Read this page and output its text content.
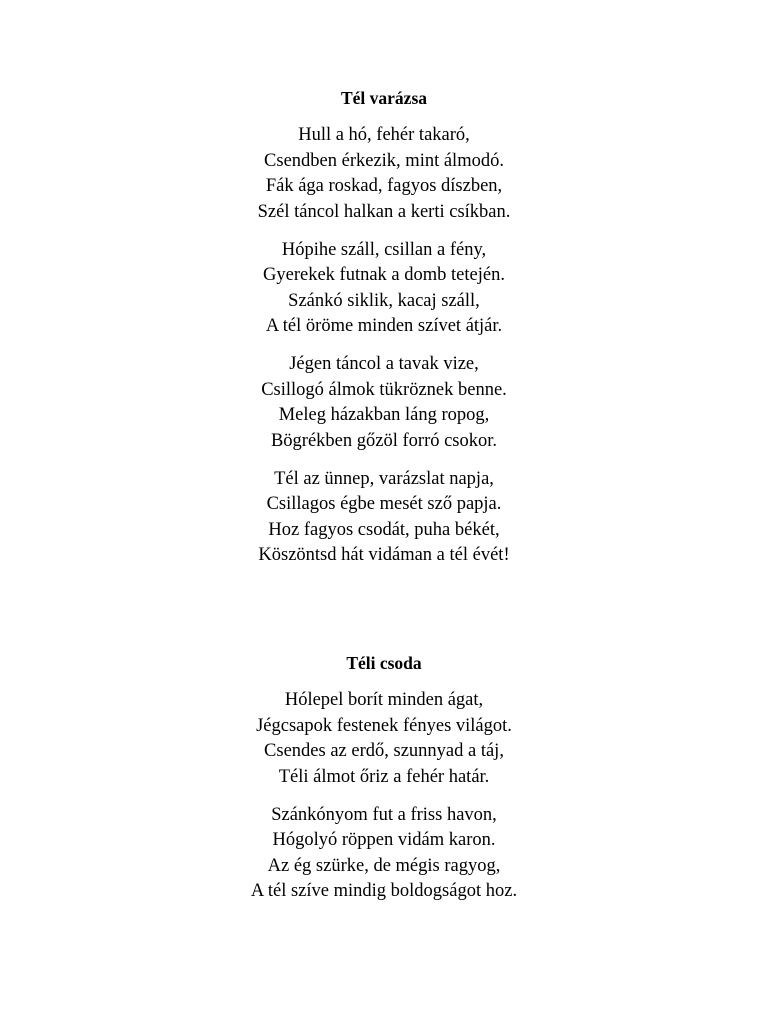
Tél varázsa
Hull a hó, fehér takaró,
Csendben érkezik, mint álmodó.
Fák ága roskad, fagyos díszben,
Szél táncol halkan a kerti csíkban.
Hópihe száll, csillan a fény,
Gyerekek futnak a domb tetején.
Szánkó siklik, kacaj száll,
A tél öröme minden szívet átjár.
Jégen táncol a tavak vize,
Csillogó álmok tükröznek benne.
Meleg házakban láng ropog,
Bögrékben gőzöl forró csokor.
Tél az ünnep, varázslat napja,
Csillagos égbe mesét sző papja.
Hoz fagyos csodát, puha békét,
Köszöntsd hát vidáman a tél évét!
Téli csoda
Hólepel borít minden ágat,
Jégcsapok festenek fényes világot.
Csendes az erdő, szunnyad a táj,
Téli álmot őriz a fehér határ.
Szánkónyom fut a friss havon,
Hógolyó röppen vidám karon.
Az ég szürke, de mégis ragyog,
A tél szíve mindig boldogságot hoz.
